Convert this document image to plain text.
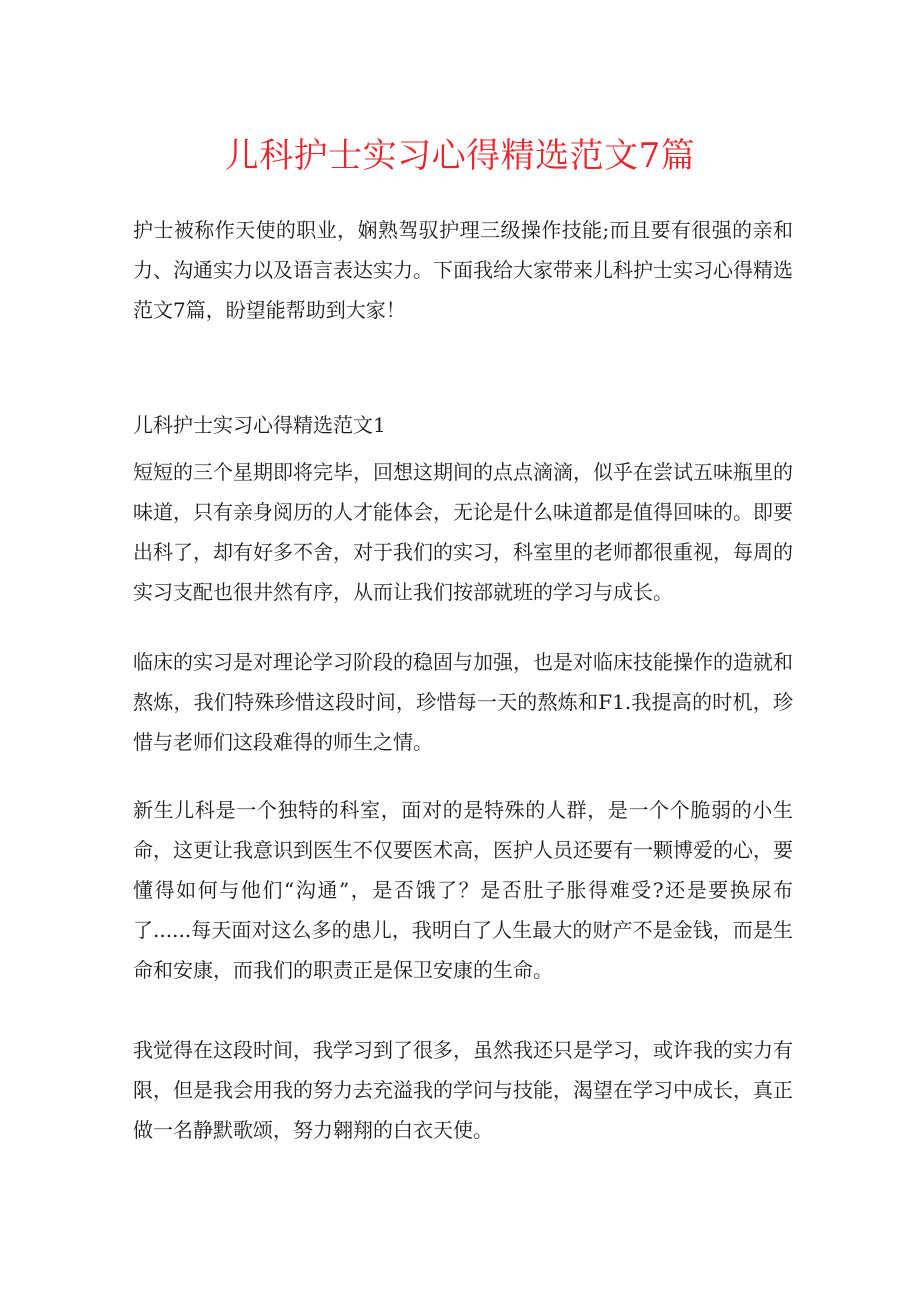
儿科护士实习心得精选范文7篇

护士被称作天使的职业，娴熟驾驭护理三级操作技能;而且要有很强的亲和力、沟通实力以及语言表达实力。下面我给大家带来儿科护士实习心得精选范文7篇，盼望能帮助到大家！

儿科护士实习心得精选范文1

短短的三个星期即将完毕，回想这期间的点点滴滴，似乎在尝试五味瓶里的味道，只有亲身阅历的人才能体会，无论是什么味道都是值得回味的。即要出科了，却有好多不舍，对于我们的实习，科室里的老师都很重视，每周的实习支配也很井然有序，从而让我们按部就班的学习与成长。

临床的实习是对理论学习阶段的稳固与加强，也是对临床技能操作的造就和熬炼，我们特殊珍惜这段时间，珍惜每一天的熬炼和F1.我提高的时机，珍惜与老师们这段难得的师生之情。

新生儿科是一个独特的科室，面对的是特殊的人群，是一个个脆弱的小生命，这更让我意识到医生不仅要医术高，医护人员还要有一颗博爱的心，要懂得如何与他们“沟通”，是否饿了？是否肚子胀得难受?还是要换尿布了......每天面对这么多的患儿，我明白了人生最大的财产不是金钱，而是生命和安康，而我们的职责正是保卫安康的生命。

我觉得在这段时间，我学习到了很多，虽然我还只是学习，或许我的实力有限，但是我会用我的努力去充溢我的学问与技能，渴望在学习中成长，真正做一名静默歌颂，努力翱翔的白衣天使。
